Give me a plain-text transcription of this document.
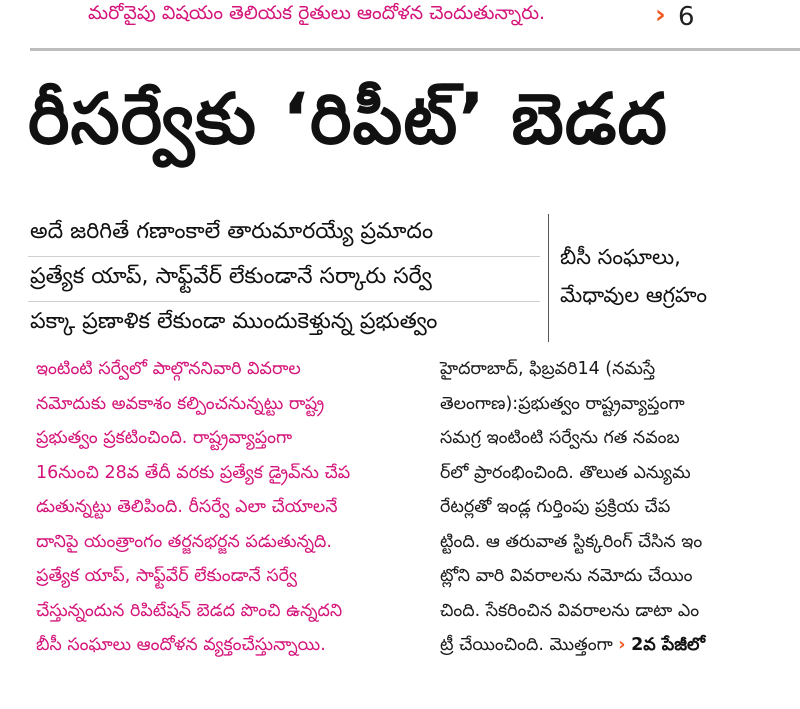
మరోవైపు విషయం తెలియక రైతులు ఆందోళన చెందుతున్నారు.	› 6
రీసర్వేకు ‘రిపీట్’ బెడద
అదే జరిగితే గణాంకాలే తారుమారయ్యే ప్రమాదం
ప్రత్యేక యాప్, సాఫ్ట్‌వేర్ లేకుండానే సర్కారు సర్వే
పక్కా ప్రణాళిక లేకుండా ముందుకెళ్తున్న ప్రభుత్వం
బీసీ సంఘాలు,
మేధావుల ఆగ్రహం
ఇంటింటి సర్వేలో పాల్గొననివారి వివరాల
నమోదుకు అవకాశం కల్పించనున్నట్టు రాష్ట్ర
ప్రభుత్వం ప్రకటించింది. రాష్ట్రవ్యాప్తంగా
16నుంచి 28వ తేదీ వరకు ప్రత్యేక డ్రైవ్‌ను చేప
డుతున్నట్టు తెలిపింది. రీసర్వే ఎలా చేయాలనే
దానిపై యంత్రాంగం తర్జనభర్జన పడుతున్నది.
ప్రత్యేక యాప్, సాఫ్ట్‌వేర్ లేకుండానే సర్వే
చేస్తున్నందున రిపిటేషన్ బెడద పొంచి ఉన్నదని
బీసీ సంఘాలు ఆందోళన వ్యక్తంచేస్తున్నాయి.
హైదరాబాద్, ఫిబ్రవరి14 (నమస్తే
తెలంగాణ):ప్రభుత్వం రాష్ట్రవ్యాప్తంగా
సమగ్ర ఇంటింటి సర్వేను గత నవంబ
ర్‌లో ప్రారంభించింది. తొలుత ఎన్యుమ
రేటర్లతో ఇండ్ల గుర్తింపు ప్రక్రియ చేప
ట్టింది. ఆ తరువాత స్టిక్కరింగ్ చేసిన ఇం
ట్లోని వారి వివరాలను నమోదు చేయిం
చింది. సేకరించిన వివరాలను డాటా ఎం
ట్రీ చేయించింది. మొత్తంగా › 2వ పేజీలో
